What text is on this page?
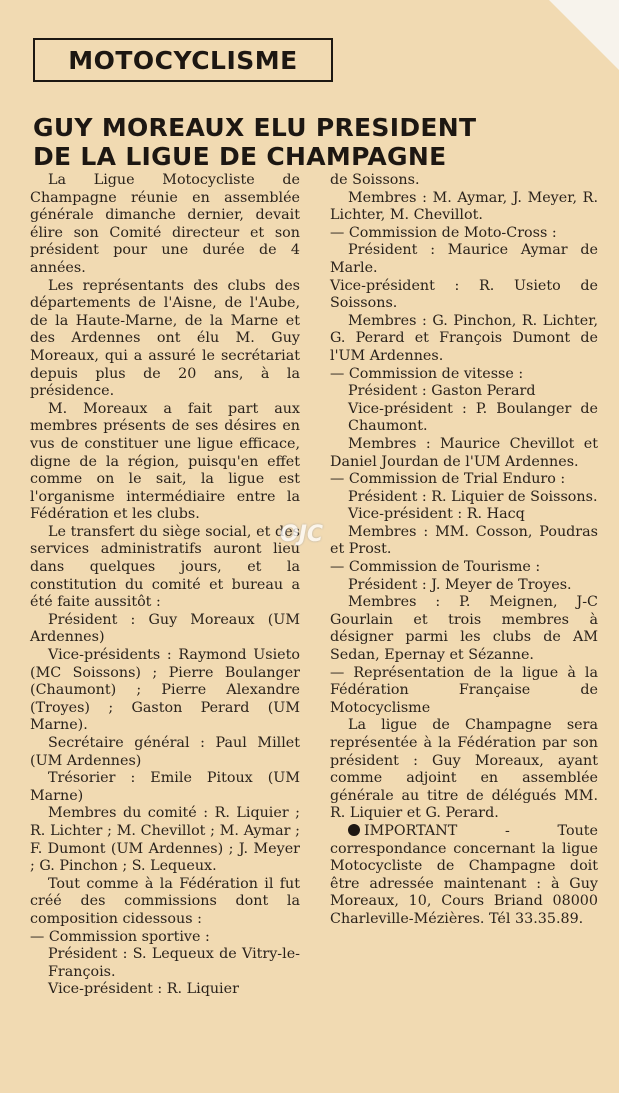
MOTOCYCLISME
GUY MOREAUX ELU PRESIDENT
DE LA LIGUE DE CHAMPAGNE

La Ligue Motocycliste de Champagne réunie en assemblée générale dimanche dernier, devait élire son Comité directeur et son président pour une durée de 4 années.

Les représentants des clubs des départements de l'Aisne, de l'Aube, de la Haute-Marne, de la Marne et des Ardennes ont élu M. Guy Moreaux, qui a assuré le secrétariat depuis plus de 20 ans, à la présidence.

M. Moreaux a fait part aux membres présents de ses désires en vus de constituer une ligue efficace, digne de la région, puisqu'en effet comme on le sait, la ligue est l'organisme intermédiaire entre la Fédération et les clubs.

Le transfert du siège social, et des services administratifs auront lieu dans quelques jours, et la constitution du comité et bureau a été faite aussitôt :

Président : Guy Moreaux (UM Ardennes)

Vice-présidents : Raymond Usieto (MC Soissons) ; Pierre Boulanger (Chaumont) ; Pierre Alexandre (Troyes) ; Gaston Perard (UM Marne).

Secrétaire général : Paul Millet (UM Ardennes)

Trésorier : Emile Pitoux (UM Marne)

Membres du comité : R. Liquier ; R. Lichter ; M. Chevillot ; M. Aymar ; F. Dumont (UM Ardennes) ; J. Meyer ; G. Pinchon ; S. Lequeux.

Tout comme à la Fédération il fut créé des commissions dont la composition cidessous :

— Commission sportive :

Président : S. Lequeux de Vitry-le-François.

Vice-président : R. Liquier

de Soissons.

Membres : M. Aymar, J. Meyer, R. Lichter, M. Chevillot.

— Commission de Moto-Cross :

Président : Maurice Aymar de Marle.

Vice-président : R. Usieto de Soissons.

Membres : G. Pinchon, R. Lichter, G. Perard et François Dumont de l'UM Ardennes.

— Commission de vitesse :

Président : Gaston Perard

Vice-président : P. Boulanger de Chaumont.

Membres : Maurice Chevillot et Daniel Jourdan de l'UM Ardennes.

— Commission de Trial Enduro :

Président : R. Liquier de Soissons.

Vice-président : R. Hacq

Membres : MM. Cosson, Poudras et Prost.

— Commission de Tourisme :

Président : J. Meyer de Troyes.

Membres : P. Meignen, J-C Gourlain et trois membres à désigner parmi les clubs de AM Sedan, Epernay et Sézanne.

— Représentation de la ligue à la Fédération Française de Motocyclisme

La ligue de Champagne sera représentée à la Fédération par son président : Guy Moreaux, ayant comme adjoint en assemblée générale au titre de délégués MM. R. Liquier et G. Perard.

IMPORTANT - Toute correspondance concernant la ligue Motocycliste de Champagne doit être adressée maintenant : à Guy Moreaux, 10, Cours Briand 08000 Charleville-Mézières. Tél 33.35.89.

OJC
